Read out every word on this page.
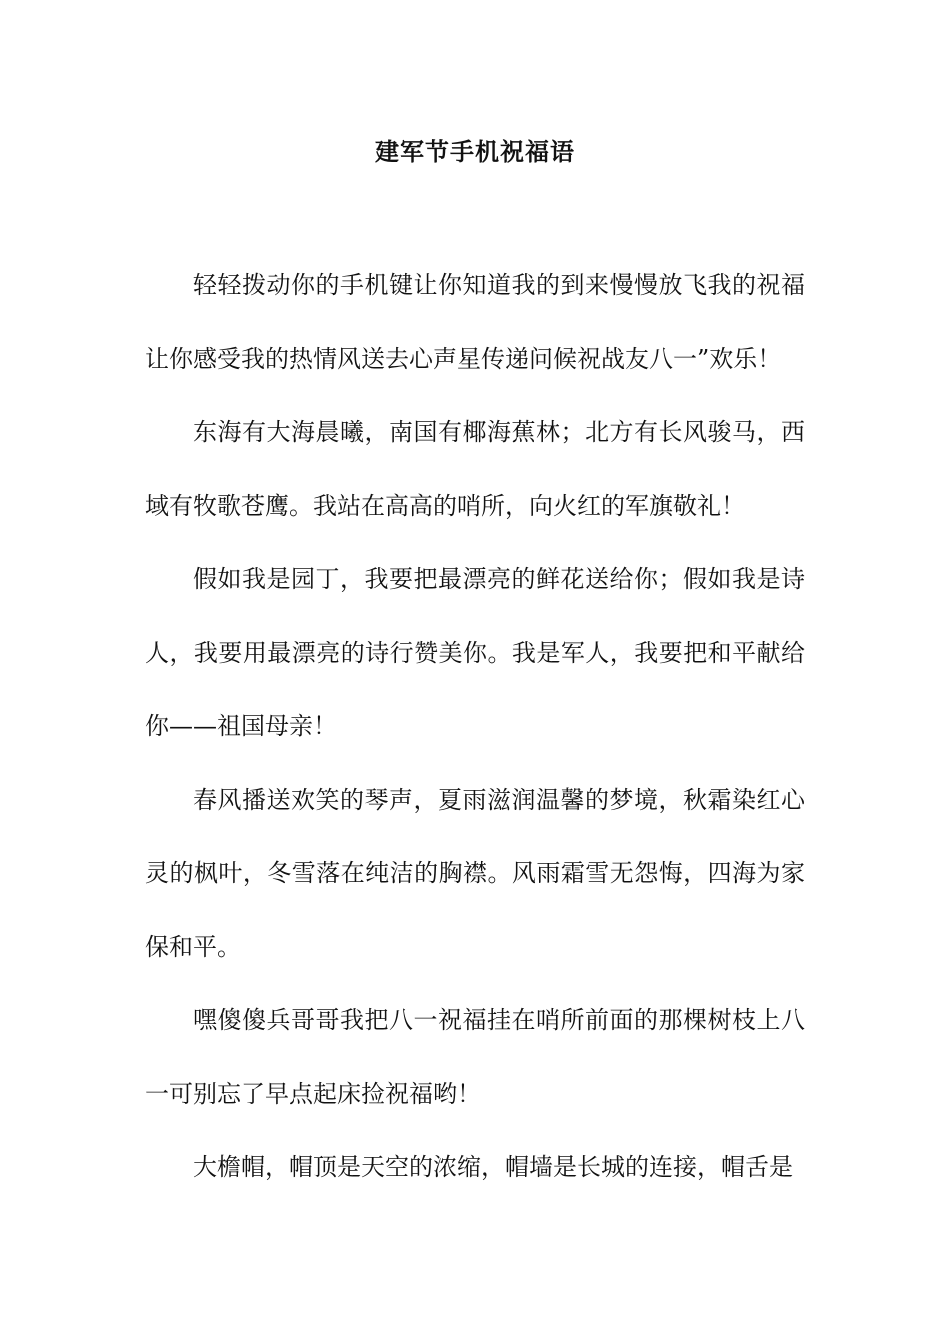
建军节手机祝福语

轻轻拨动你的手机键让你知道我的到来慢慢放飞我的祝福让你感受我的热情风送去心声星传递问候祝战友八一”欢乐！

东海有大海晨曦，南国有椰海蕉林；北方有长风骏马，西域有牧歌苍鹰。我站在高高的哨所，向火红的军旗敬礼！

假如我是园丁，我要把最漂亮的鲜花送给你；假如我是诗人，我要用最漂亮的诗行赞美你。我是军人，我要把和平献给你——祖国母亲！

春风播送欢笑的琴声，夏雨滋润温馨的梦境，秋霜染红心灵的枫叶，冬雪落在纯洁的胸襟。风雨霜雪无怨悔，四海为家保和平。

嘿傻傻兵哥哥我把八一祝福挂在哨所前面的那棵树枝上八一可别忘了早点起床捡祝福哟！

大檐帽，帽顶是天空的浓缩，帽墙是长城的连接，帽舌是
